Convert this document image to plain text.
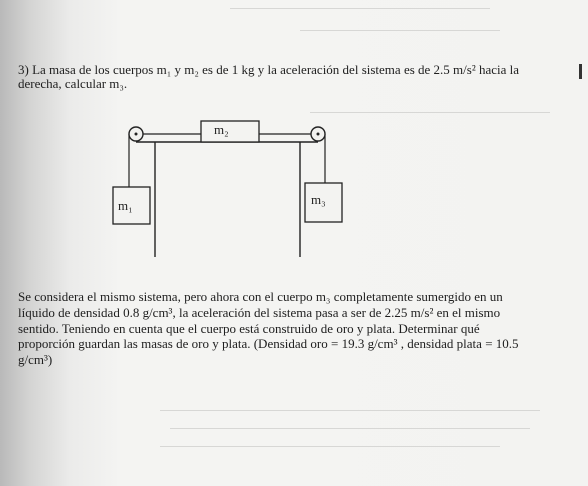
3) La masa de los cuerpos m₁ y m₂ es de 1 kg y la aceleración del sistema es de 2.5 m/s² hacia la derecha, calcular m₃.
m₂
m₁	m₃
Se considera el mismo sistema, pero ahora con el cuerpo m₃ completamente sumergido en un líquido de densidad 0.8 g/cm³, la aceleración del sistema pasa a ser de 2.25 m/s² en el mismo sentido. Teniendo en cuenta que el cuerpo está construido de oro y plata. Determinar qué proporción guardan las masas de oro y plata. (Densidad oro = 19.3 g/cm³ , densidad plata = 10.5 g/cm³)
